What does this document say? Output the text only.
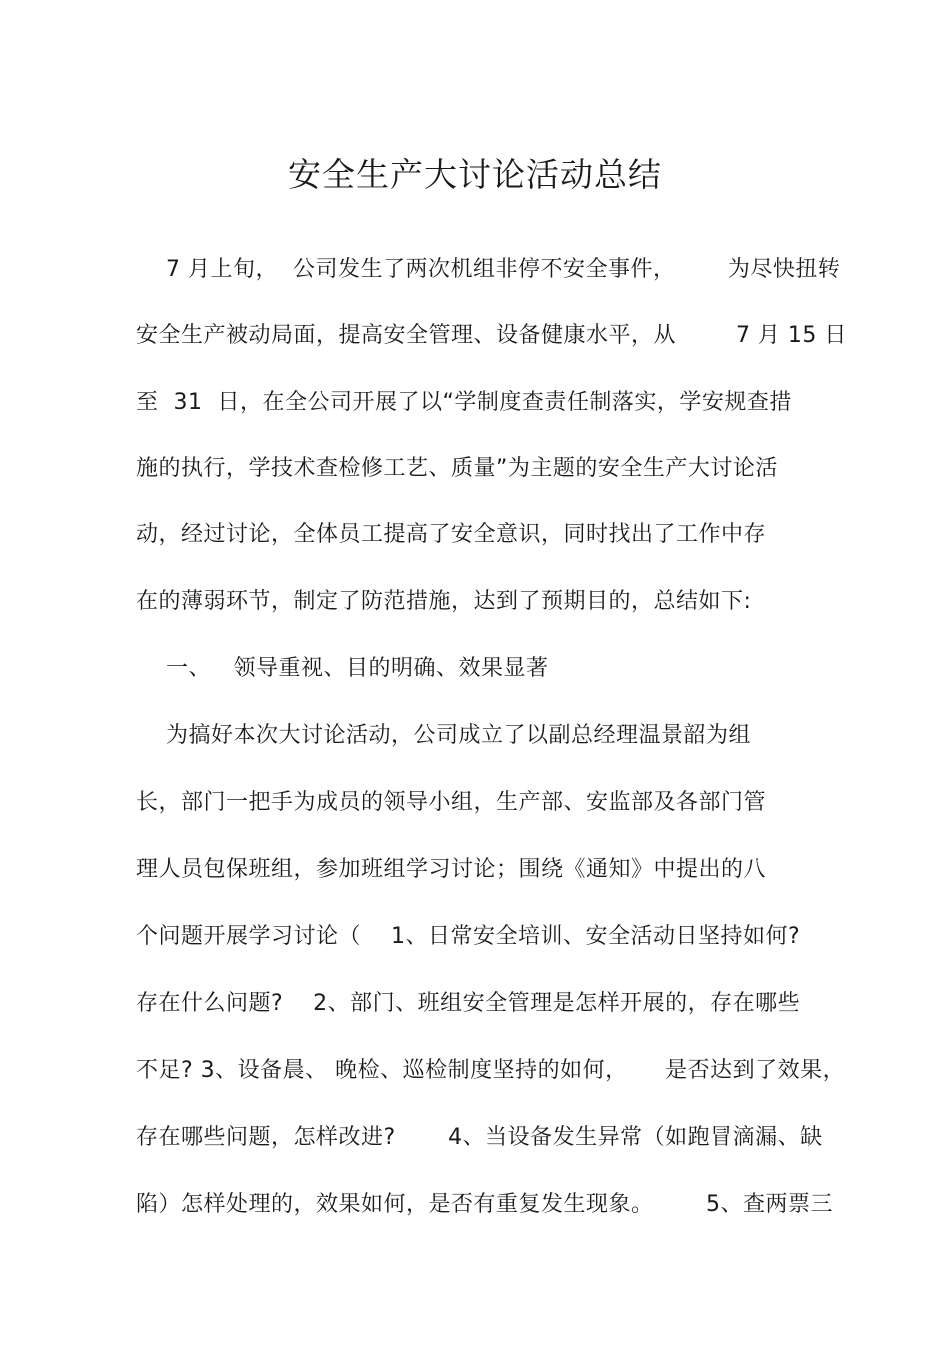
安全生产大讨论活动总结
7 月上旬，  公司发生了两次机组非停不安全事件，       为尽快扭转
安全生产被动局面，提高安全管理、设备健康水平，从        7 月 15 日
至  31  日，在全公司开展了以“学制度查责任制落实，学安规查措
施的执行，学技术查检修工艺、质量”为主题的安全生产大讨论活
动，经过讨论，全体员工提高了安全意识，同时找出了工作中存
在的薄弱环节，制定了防范措施，达到了预期目的，总结如下:
一、   领导重视、目的明确、效果显著
为搞好本次大讨论活动，公司成立了以副总经理温景韶为组
长，部门一把手为成员的领导小组，生产部、安监部及各部门管
理人员包保班组，参加班组学习讨论；围绕《通知》中提出的八
个问题开展学习讨论（    1、日常安全培训、安全活动日坚持如何?
存在什么问题?    2、部门、班组安全管理是怎样开展的，存在哪些
不足? 3、设备晨、 晚检、巡检制度坚持的如何，     是否达到了效果，
存在哪些问题，怎样改进?       4、当设备发生异常（如跑冒滴漏、缺
陷）怎样处理的，效果如何，是否有重复发生现象。       5、查两票三
